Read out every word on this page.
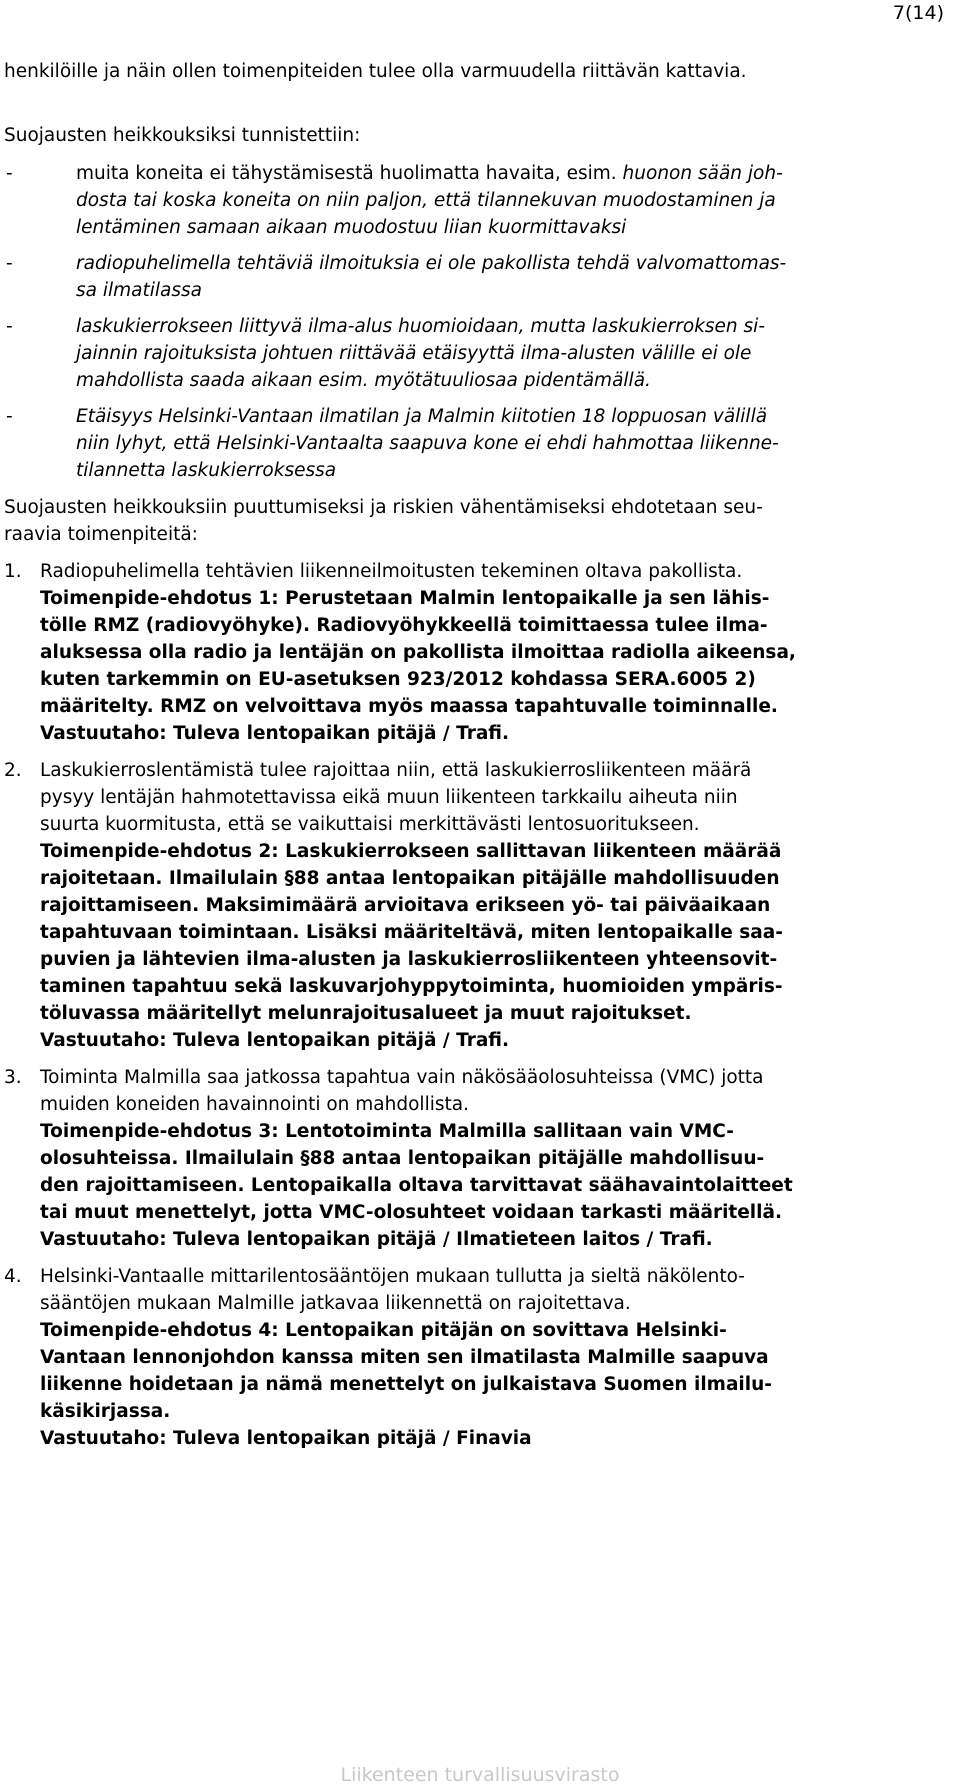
7(14)
henkilöille ja näin ollen toimenpiteiden tulee olla varmuudella riittävän kattavia.
Suojausten heikkouksiksi tunnistettiin:
-	muita koneita ei tähystämisestä huolimatta havaita, esim. huonon sään joh-
dosta tai koska koneita on niin paljon, että tilannekuvan muodostaminen ja
lentäminen samaan aikaan muodostuu liian kuormittavaksi
-	radiopuhelimella tehtäviä ilmoituksia ei ole pakollista tehdä valvomattomas-
sa ilmatilassa
-	laskukierrokseen liittyvä ilma-alus huomioidaan, mutta laskukierroksen si-
jainnin rajoituksista johtuen riittävää etäisyyttä ilma-alusten välille ei ole
mahdollista saada aikaan esim. myötätuuliosaa pidentämällä.
-	Etäisyys Helsinki-Vantaan ilmatilan ja Malmin kiitotien 18 loppuosan välillä
niin lyhyt, että Helsinki-Vantaalta saapuva kone ei ehdi hahmottaa liikenne-
tilannetta laskukierroksessa
Suojausten heikkouksiin puuttumiseksi ja riskien vähentämiseksi ehdotetaan seu-
raavia toimenpiteitä:
1. Radiopuhelimella tehtävien liikenneilmoitusten tekeminen oltava pakollista.
Toimenpide-ehdotus 1: Perustetaan Malmin lentopaikalle ja sen lähis-
tölle RMZ (radiovyöhyke). Radiovyöhykkeellä toimittaessa tulee ilma-
aluksessa olla radio ja lentäjän on pakollista ilmoittaa radiolla aikeensa,
kuten tarkemmin on EU-asetuksen 923/2012 kohdassa SERA.6005 2)
määritelty. RMZ on velvoittava myös maassa tapahtuvalle toiminnalle.
Vastuutaho: Tuleva lentopaikan pitäjä / Trafi.
2. Laskukierroslentämistä tulee rajoittaa niin, että laskukierrosliikenteen määrä
pysyy lentäjän hahmotettavissa eikä muun liikenteen tarkkailu aiheuta niin
suurta kuormitusta, että se vaikuttaisi merkittävästi lentosuoritukseen.
Toimenpide-ehdotus 2: Laskukierrokseen sallittavan liikenteen määrää
rajoitetaan. Ilmailulain §88 antaa lentopaikan pitäjälle mahdollisuuden
rajoittamiseen. Maksimimäärä arvioitava erikseen yö- tai päiväaikaan
tapahtuvaan toimintaan. Lisäksi määriteltävä, miten lentopaikalle saa-
puvien ja lähtevien ilma-alusten ja laskukierrosliikenteen yhteensovit-
taminen tapahtuu sekä laskuvarjohyppytoiminta, huomioiden ympäris-
töluvassa määritellyt melunrajoitusalueet ja muut rajoitukset.
Vastuutaho: Tuleva lentopaikan pitäjä / Trafi.
3. Toiminta Malmilla saa jatkossa tapahtua vain näkösääolosuhteissa (VMC) jotta
muiden koneiden havainnointi on mahdollista.
Toimenpide-ehdotus 3: Lentotoiminta Malmilla sallitaan vain VMC-
olosuhteissa. Ilmailulain §88 antaa lentopaikan pitäjälle mahdollisuu-
den rajoittamiseen. Lentopaikalla oltava tarvittavat säähavaintolaitteet
tai muut menettelyt, jotta VMC-olosuhteet voidaan tarkasti määritellä.
Vastuutaho: Tuleva lentopaikan pitäjä / Ilmatieteen laitos / Trafi.
4. Helsinki-Vantaalle mittarilentosääntöjen mukaan tullutta ja sieltä näkölento-
sääntöjen mukaan Malmille jatkavaa liikennettä on rajoitettava.
Toimenpide-ehdotus 4: Lentopaikan pitäjän on sovittava Helsinki-
Vantaan lennonjohdon kanssa miten sen ilmatilasta Malmille saapuva
liikenne hoidetaan ja nämä menettelyt on julkaistava Suomen ilmailu-
käsikirjassa.
Vastuutaho: Tuleva lentopaikan pitäjä / Finavia
Liikenteen turvallisuusvirasto
